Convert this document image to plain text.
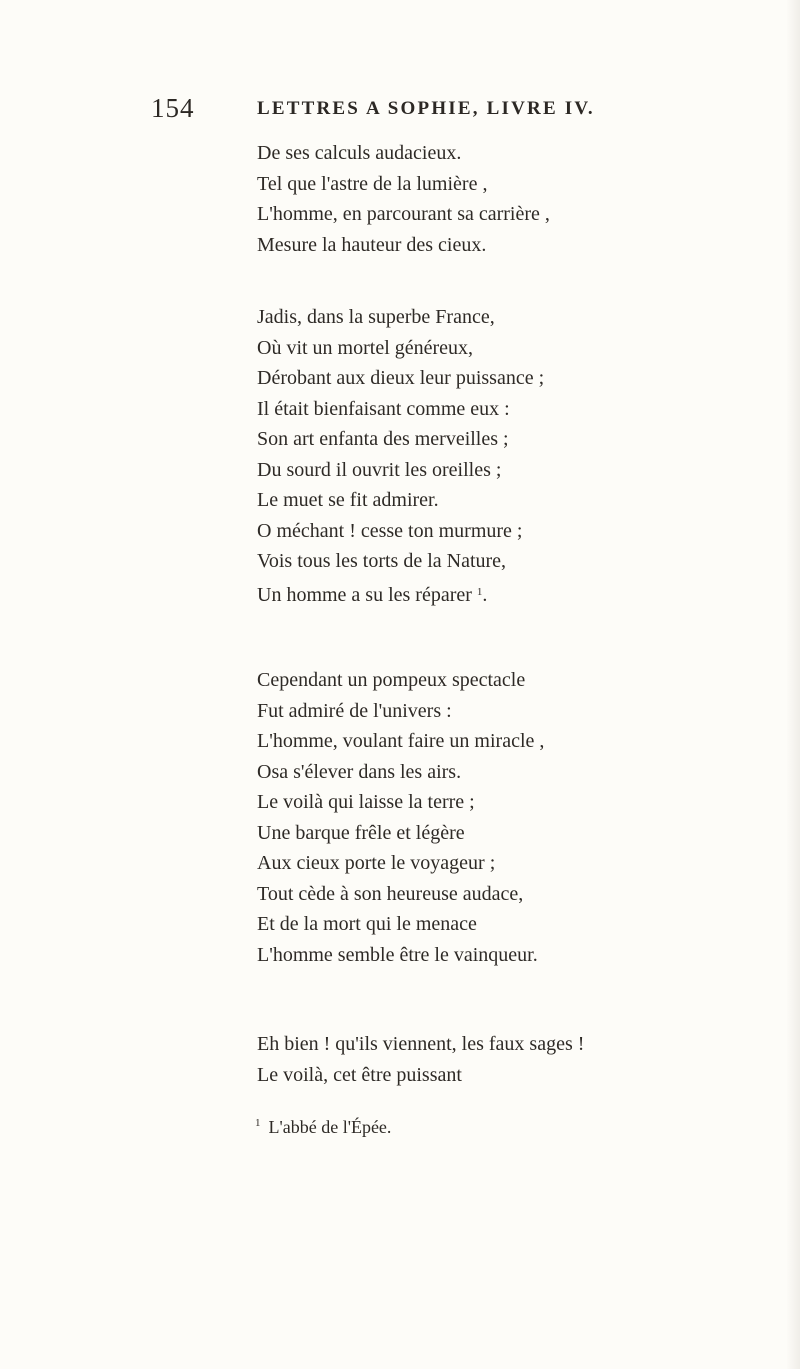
154	LETTRES A SOPHIE, LIVRE IV.
De ses calculs audacieux.
Tel que l'astre de la lumière ,
L'homme, en parcourant sa carrière ,
Mesure la hauteur des cieux.
Jadis, dans la superbe France,
Où vit un mortel généreux,
Dérobant aux dieux leur puissance ;
Il était bienfaisant comme eux :
Son art enfanta des merveilles ;
Du sourd il ouvrit les oreilles ;
Le muet se fit admirer.
O méchant ! cesse ton murmure ;
Vois tous les torts de la Nature,
Un homme a su les réparer $^1$.
Cependant un pompeux spectacle
Fut admiré de l'univers :
L'homme, voulant faire un miracle ,
Osa s'élever dans les airs.
Le voilà qui laisse la terre ;
Une barque frêle et légère
Aux cieux porte le voyageur ;
Tout cède à son heureuse audace,
Et de la mort qui le menace
L'homme semble être le vainqueur.
Eh bien ! qu'ils viennent, les faux sages !
Le voilà, cet être puissant
$^1$ L'abbé de l'Épée.
